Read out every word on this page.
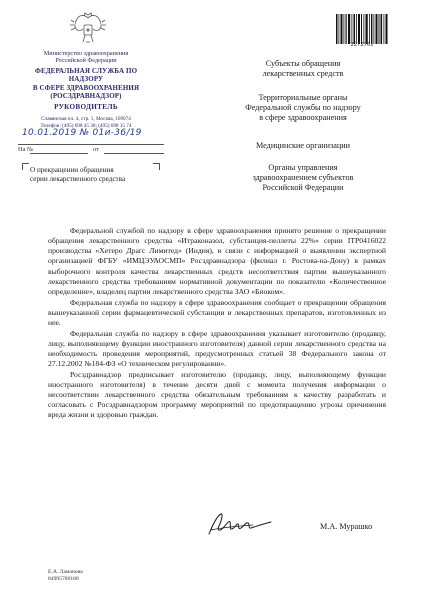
Министерство здравоохранения
Российской Федерации
ФЕДЕРАЛЬНАЯ СЛУЖБА ПО НАДЗОРУ
В СФЕРЕ ЗДРАВООХРАНЕНИЯ
(РОСЗДРАВНАДЗОР)
РУКОВОДИТЕЛЬ
Славянская пл. 4, стр. 1, Москва, 109074
Телефон: (495) 698 45 38; (495) 698 15 74
10.01.2019 № 01и-36/19
На №	от
О прекращении обращения
серии лекарственного средства
2272761
Субъекты обращения
лекарственных средств
Территориальные органы
Федеральной службы по надзору
в сфере здравоохранения
Медицинские организации
Органы управления
здравоохранением субъектов
Российской Федерации

Федеральной службой по надзору в сфере здравоохранения принято решение о прекращении обращения лекарственного средства «Итраконазол, субстанция-пеллеты 22%» серии ITP0416022 производства «Хетеро Драгс Лимитед» (Индия), в связи с информацией о выявлении экспертной организацией ФГБУ «ИМЦЭУАОСМП» Росздравнадзора (филиал г. Ростова-на-Дону) в рамках выборочного контроля качества лекарственных средств несоответствия партии вышеуказанного лекарственного средства требованиям нормативной документации по показателю «Количественное определение», владелец партии лекарственного средства ЗАО «Биоком».

Федеральная служба по надзору в сфере здравоохранения сообщает о прекращении обращения вышеуказанной серии фармацевтической субстанции и лекарственных препаратов, изготовленных из нее.

Федеральная служба по надзору в сфере здравоохранения указывает изготовителю (продавцу, лицу, выполняющему функции иностранного изготовителя) данной серии лекарственного средства на необходимость проведения мероприятий, предусмотренных статьей 38 Федерального закона от 27.12.2002 №184-ФЗ «О техническом регулировании».

Росздравнадзор предписывает изготовителю (продавцу, лицу, выполняющему функции иностранного изготовителя) в течение десяти дней с момента получения информации о несоответствии лекарственного средства обязательным требованиям к качеству разработать и согласовать с Росздравнадзором программу мероприятий по предотвращению угрозы причинения вреда жизни и здоровью граждан.

М.А. Мурашко
Е.А. Ламанова
84995780188
